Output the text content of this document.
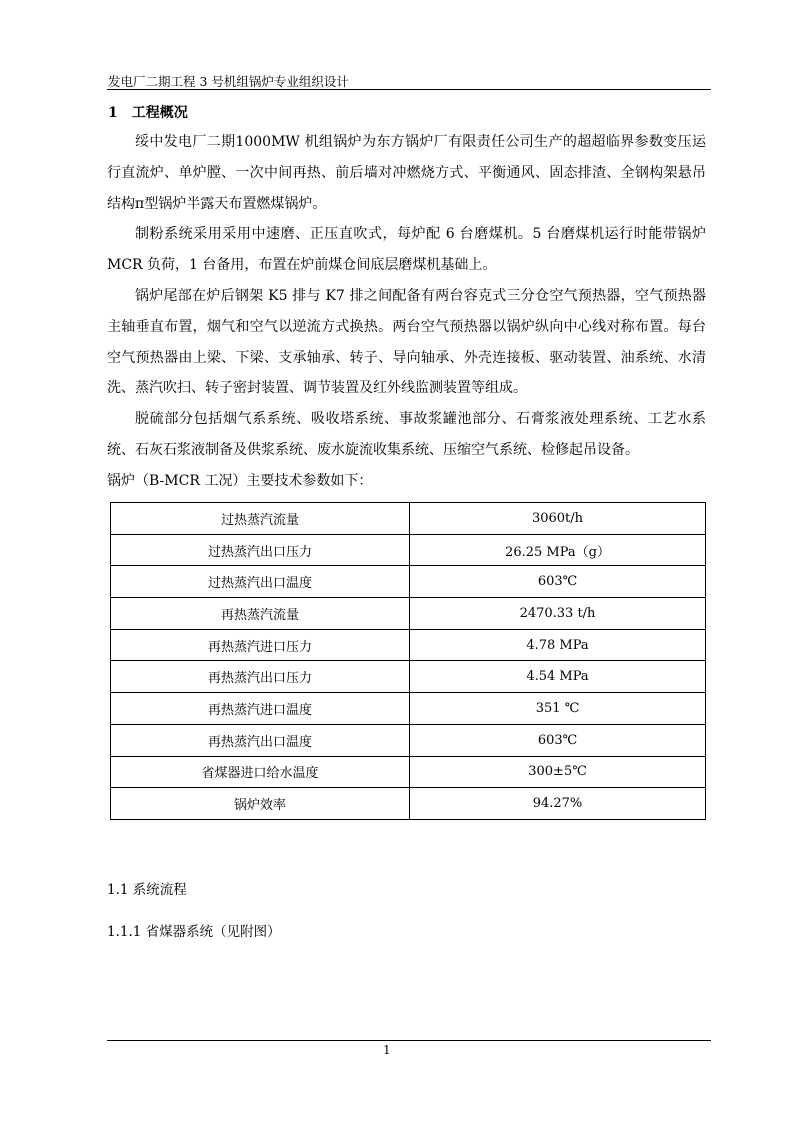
发电厂二期工程 3 号机组锅炉专业组织设计
1 工程概况

绥中发电厂二期1000MW 机组锅炉为东方锅炉厂有限责任公司生产的超超临界参数变压运行直流炉、单炉膛、一次中间再热、前后墙对冲燃烧方式、平衡通风、固态排渣、全钢构架悬吊结构п型锅炉半露天布置燃煤锅炉。

制粉系统采用采用中速磨、正压直吹式，每炉配 6 台磨煤机。5 台磨煤机运行时能带锅炉 MCR 负荷，1 台备用，布置在炉前煤仓间底层磨煤机基础上。

锅炉尾部在炉后钢架 K5 排与 K7 排之间配备有两台容克式三分仓空气预热器，空气预热器主轴垂直布置，烟气和空气以逆流方式换热。两台空气预热器以锅炉纵向中心线对称布置。每台空气预热器由上梁、下梁、支承轴承、转子、导向轴承、外壳连接板、驱动装置、油系统、水清洗、蒸汽吹扫、转子密封装置、调节装置及红外线监测装置等组成。

脱硫部分包括烟气系系统、吸收塔系统、事故浆罐池部分、石膏浆液处理系统、工艺水系统、石灰石浆液制备及供浆系统、废水旋流收集系统、压缩空气系统、检修起吊设备。

锅炉（B-MCR 工况）主要技术参数如下：

过热蒸汽流量	3060t/h
过热蒸汽出口压力	26.25 MPa（g）
过热蒸汽出口温度	603℃
再热蒸汽流量	2470.33 t/h
再热蒸汽进口压力	4.78 MPa
再热蒸汽出口压力	4.54 MPa
再热蒸汽进口温度	351 ℃
再热蒸汽出口温度	603℃
省煤器进口给水温度	300±5℃
锅炉效率	94.27%
1.1 系统流程
1.1.1 省煤器系统（见附图）
1
